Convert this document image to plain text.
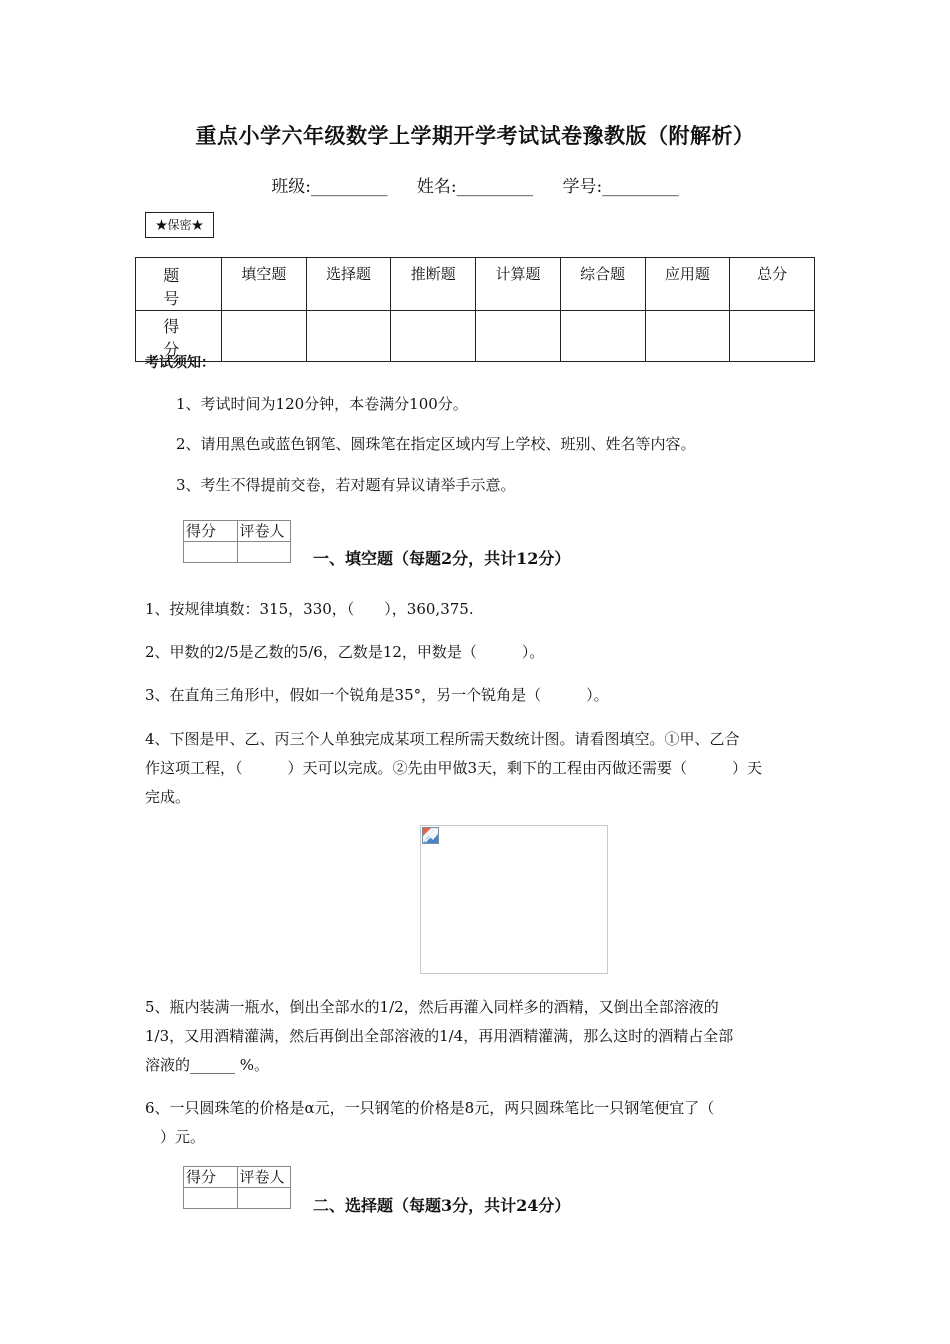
重点小学六年级数学上学期开学考试试卷豫教版（附解析）
班级:_________ 姓名:_________ 学号:_________
★保密★
题　号	填空题	选择题	推断题	计算题	综合题	应用题	总分
得　分							
考试须知：
1、考试时间为120分钟，本卷满分100分。
2、请用黑色或蓝色钢笔、圆珠笔在指定区域内写上学校、班别、姓名等内容。
3、考生不得提前交卷，若对题有异议请举手示意。
得分	评卷人

一、填空题（每题2分，共计12分）
1、按规律填数：315，330，（　　），360,375.
2、甲数的2/5是乙数的5/6，乙数是12，甲数是（　　　）。
3、在直角三角形中，假如一个锐角是35°，另一个锐角是（　　　）。
4、下图是甲、乙、丙三个人单独完成某项工程所需天数统计图。请看图填空。①甲、乙合
作这项工程，（　　　）天可以完成。②先由甲做3天，剩下的工程由丙做还需要（　　　）天
完成。
5、瓶内装满一瓶水，倒出全部水的1/2，然后再灌入同样多的酒精，又倒出全部溶液的
1/3，又用酒精灌满，然后再倒出全部溶液的1/4，再用酒精灌满，那么这时的酒精占全部
溶液的______ %。
6、一只圆珠笔的价格是α元，一只钢笔的价格是8元，两只圆珠笔比一只钢笔便宜了（
　）元。
得分	评卷人

二、选择题（每题3分，共计24分）
